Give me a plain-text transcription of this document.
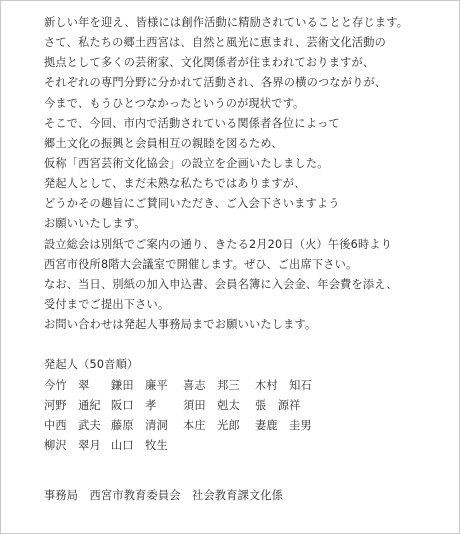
新しい年を迎え、皆様には創作活動に精励されていることと存じます。
さて、私たちの郷土西宮は、自然と風光に恵まれ、芸術文化活動の
拠点として多くの芸術家、文化関係者が住まわれておりますが、
それぞれの専門分野に分かれて活動され、各界の横のつながりが、
今まで、もうひとつなかったというのが現状です。
そこで、今回、市内で活動されている関係者各位によって
郷土文化の振興と会員相互の親睦を図るため、
仮称「西宮芸術文化協会」の設立を企画いたしました。
発起人として、まだ未熟な私たちではありますが、
どうかその趣旨にご賛同いただき、ご入会下さいますよう
お願いいたします。
設立総会は別紙でご案内の通り、きたる2月20日（火）午後6時より
西宮市役所8階大会議室で開催します。ぜひ、ご出席下さい。
なお、当日、別紙の加入申込書、会員名簿に入会金、年会費を添え、
受付までご提出下さい。
お問い合わせは発起人事務局までお願いいたします。
発起人（50音順）
今竹　翠 鎌田　廉平 喜志　邦三 木村　知石
河野　通紀 阪口　孝 須田　剋太 張　源祥
中西　武夫 藤原　清洞 本庄　光郎 妻鹿　圭男
柳沢　翠月 山口　牧生
事務局　西宮市教育委員会　社会教育課文化係
